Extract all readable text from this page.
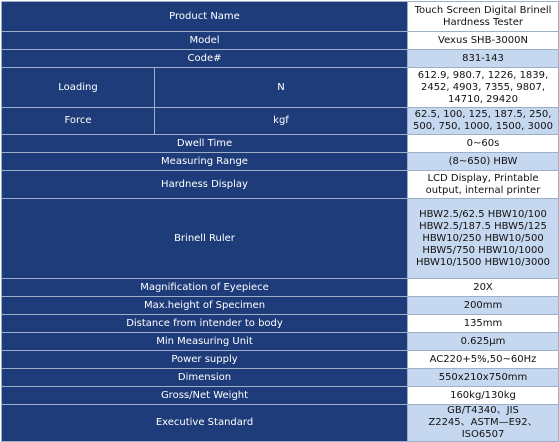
Product Name		Touch Screen Digital Brinell
Hardness Tester
Model		Vexus SHB-3000N
Code#		831-143
Loading	N	612.9, 980.7, 1226, 1839,
2452, 4903, 7355, 9807,
14710, 29420
Force	kgf	62.5, 100, 125, 187.5, 250,
500, 750, 1000, 1500, 3000
Dwell Time		0~60s
Measuring Range		(8~650) HBW
Hardness Display		LCD Display, Printable
output, internal printer
Brinell Ruler		HBW2.5/62.5 HBW10/100
HBW2.5/187.5 HBW5/125
HBW10/250 HBW10/500
HBW5/750 HBW10/1000
HBW10/1500 HBW10/3000
Magnification of Eyepiece		20X
Max.height of Specimen		200mm
Distance from intender to body		135mm
Min Measuring Unit		0.625μm
Power supply		AC220+5%,50~60Hz
Dimension		550x210x750mm
Gross/Net Weight		160kg/130kg
Executive Standard		GB/T4340、JIS
Z2245、ASTM—E92、ISO6507
